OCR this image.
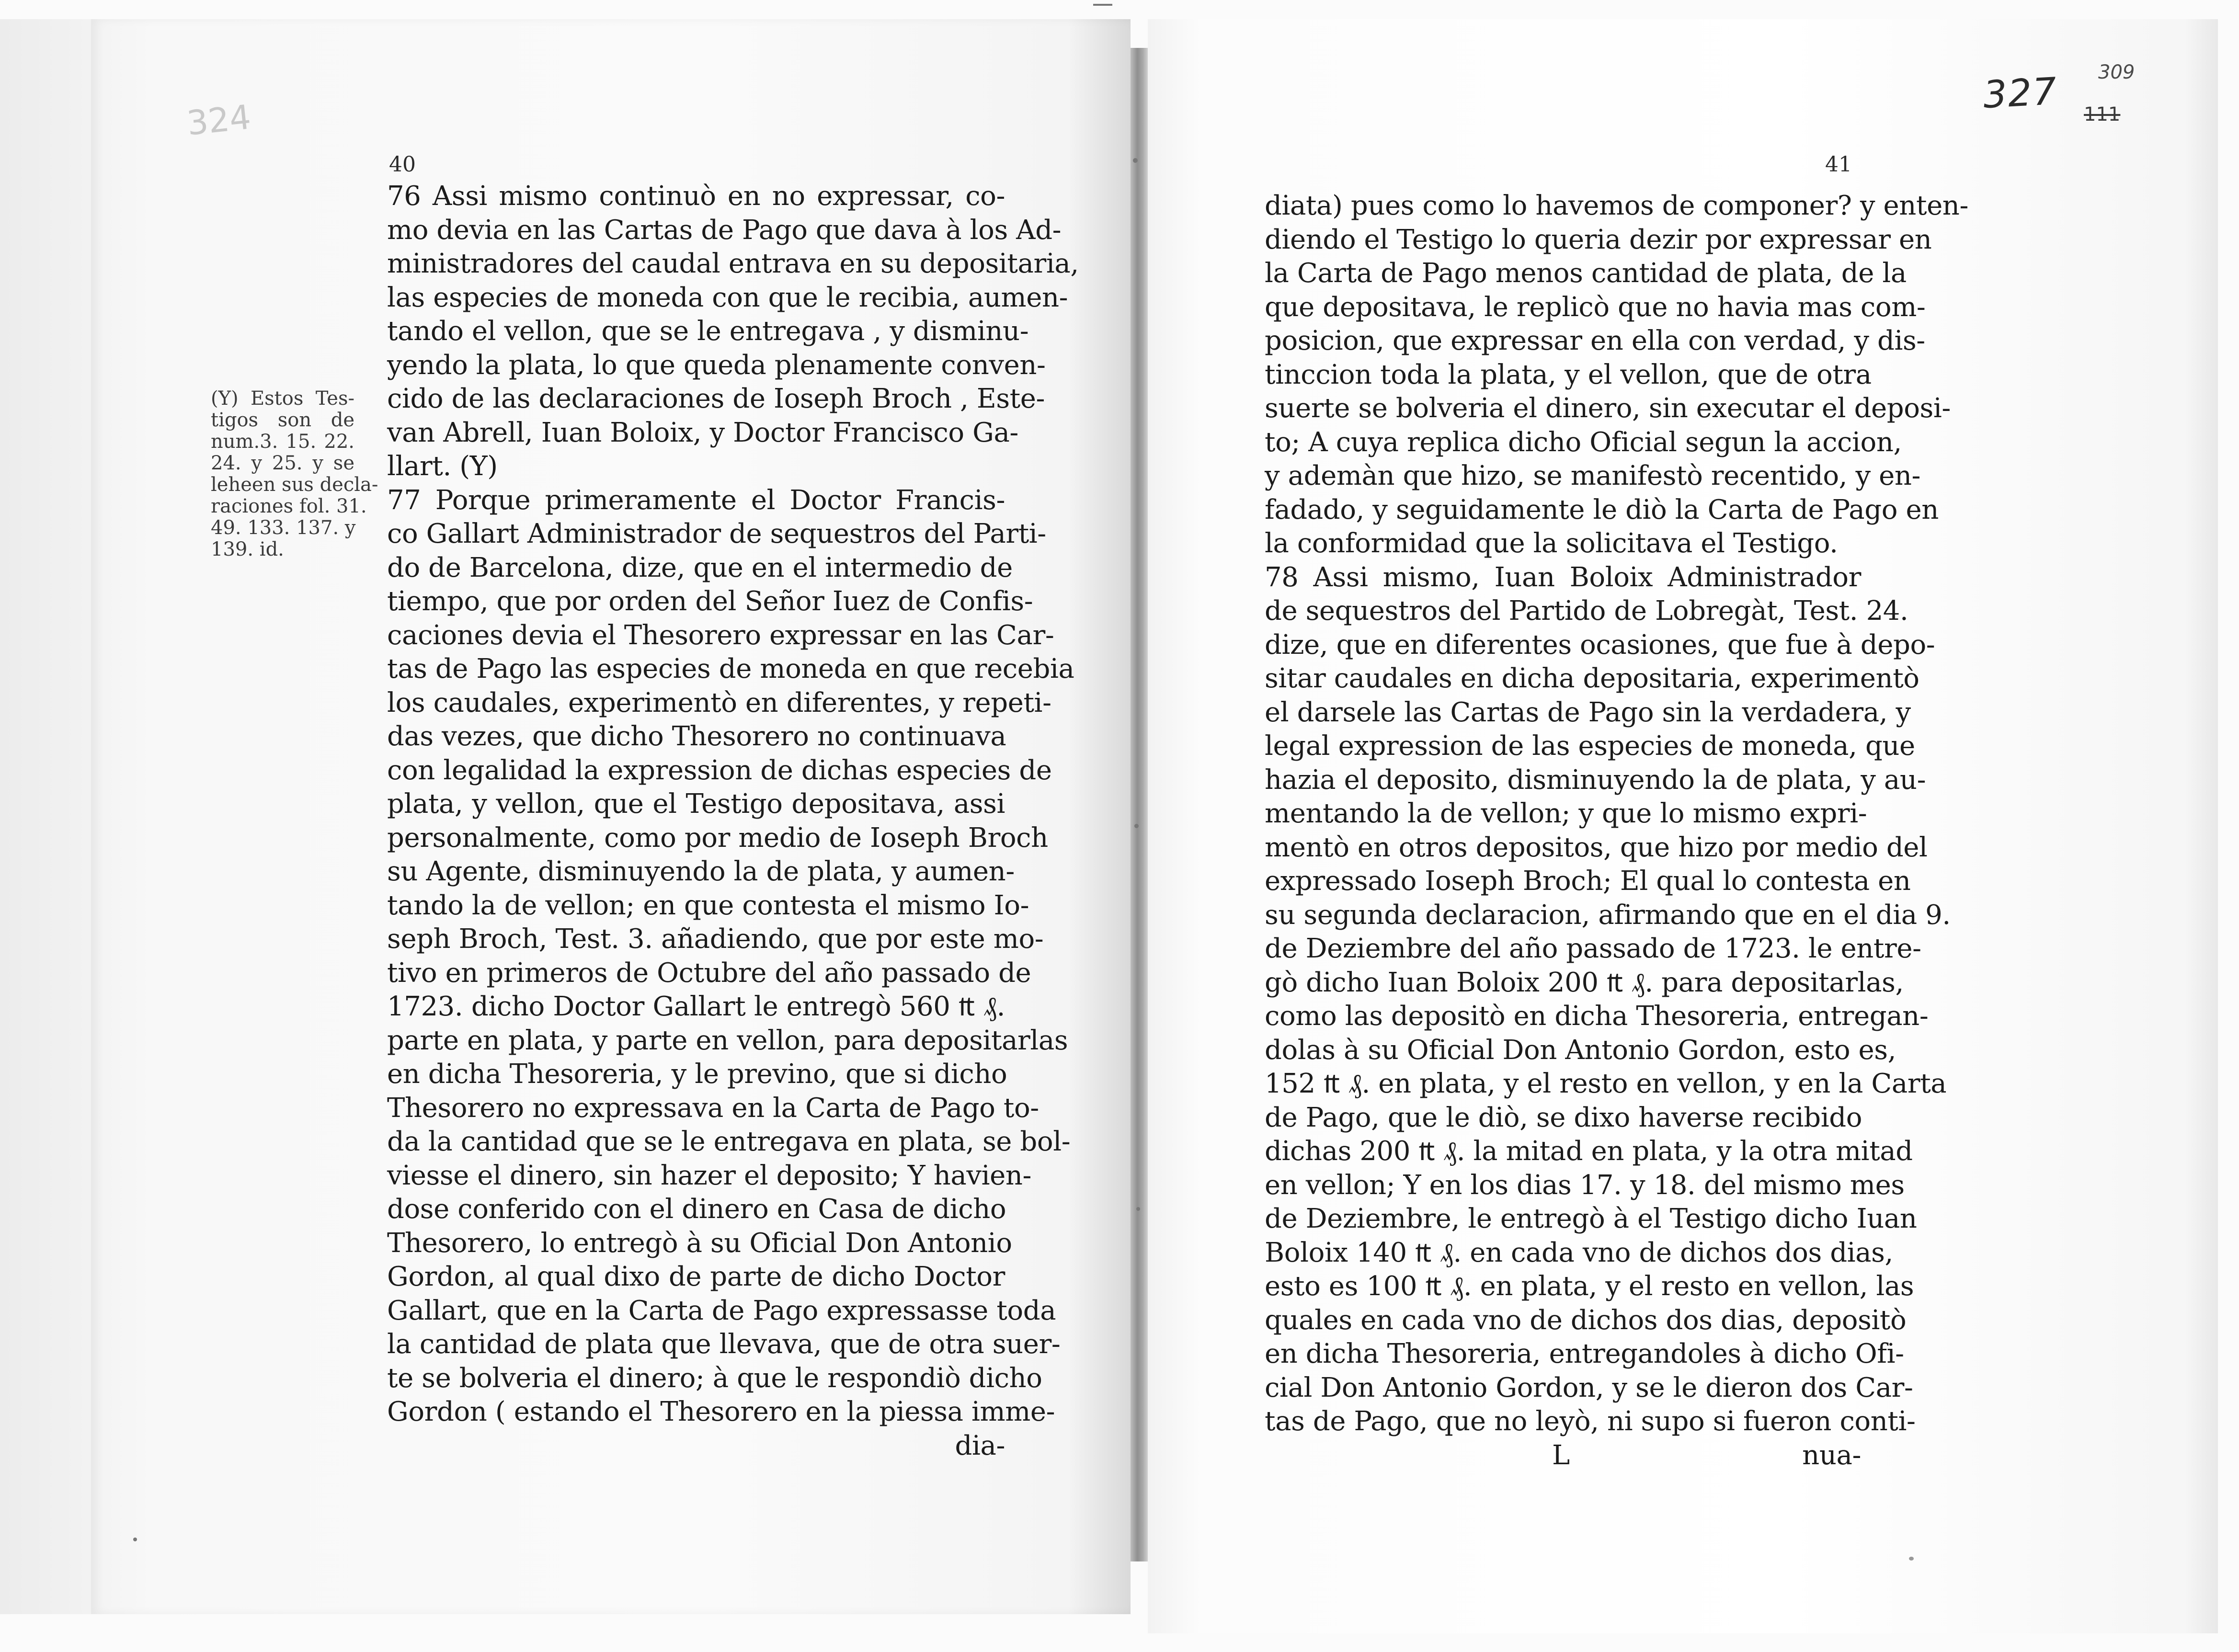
324
40	41
327 309
111
(Y) Estos Tes-
tigos son de
num.3. 15. 22.
24. y 25. y se
leheen sus decla-
raciones fol. 31.
49. 133. 137. y
139. id.
76 Assi mismo continuò en no expressar, co-
mo devia en las Cartas de Pago que dava à los Ad-
ministradores del caudal entrava en su depositaria,
las especies de moneda con que le recibia, aumen-
tando el vellon, que se le entregava , y disminu-
yendo la plata, lo que queda plenamente conven-
cido de las declaraciones de Ioseph Broch , Este-
van Abrell, Iuan Boloix, y Doctor Francisco Ga-
llart. (Y)
77 Porque primeramente el Doctor Francis-
co Gallart Administrador de sequestros del Parti-
do de Barcelona, dize, que en el intermedio de
tiempo, que por orden del Señor Iuez de Confis-
caciones devia el Thesorero expressar en las Car-
tas de Pago las especies de moneda en que recebia
los caudales, experimentò en diferentes, y repeti-
das vezes, que dicho Thesorero no continuava
con legalidad la expression de dichas especies de
plata, y vellon, que el Testigo depositava, assi
personalmente, como por medio de Ioseph Broch
su Agente, disminuyendo la de plata, y aumen-
tando la de vellon; en que contesta el mismo Io-
seph Broch, Test. 3. añadiendo, que por este mo-
tivo en primeros de Octubre del año passado de
1723. dicho Doctor Gallart le entregò 560 ₶ ₰.
parte en plata, y parte en vellon, para depositarlas
en dicha Thesoreria, y le previno, que si dicho
Thesorero no expressava en la Carta de Pago to-
da la cantidad que se le entregava en plata, se bol-
viesse el dinero, sin hazer el deposito; Y havien-
dose conferido con el dinero en Casa de dicho
Thesorero, lo entregò à su Oficial Don Antonio
Gordon, al qual dixo de parte de dicho Doctor
Gallart, que en la Carta de Pago expressasse toda
la cantidad de plata que llevava, que de otra suer-
te se bolveria el dinero; à que le respondiò dicho
Gordon ( estando el Thesorero en la piessa imme-
dia-
diata) pues como lo havemos de componer? y enten-
diendo el Testigo lo queria dezir por expressar en
la Carta de Pago menos cantidad de plata, de la
que depositava, le replicò que no havia mas com-
posicion, que expressar en ella con verdad, y dis-
tinccion toda la plata, y el vellon, que de otra
suerte se bolveria el dinero, sin executar el deposi-
to; A cuya replica dicho Oficial segun la accion,
y ademàn que hizo, se manifestò recentido, y en-
fadado, y seguidamente le diò la Carta de Pago en
la conformidad que la solicitava el Testigo.
78 Assi mismo, Iuan Boloix Administrador
de sequestros del Partido de Lobregàt, Test. 24.
dize, que en diferentes ocasiones, que fue à depo-
sitar caudales en dicha depositaria, experimentò
el darsele las Cartas de Pago sin la verdadera, y
legal expression de las especies de moneda, que
hazia el deposito, disminuyendo la de plata, y au-
mentando la de vellon; y que lo mismo expri-
mentò en otros depositos, que hizo por medio del
expressado Ioseph Broch; El qual lo contesta en
su segunda declaracion, afirmando que en el dia 9.
de Deziembre del año passado de 1723. le entre-
gò dicho Iuan Boloix 200 ₶ ₰. para depositarlas,
como las depositò en dicha Thesoreria, entregan-
dolas à su Oficial Don Antonio Gordon, esto es,
152 ₶ ₰. en plata, y el resto en vellon, y en la Carta
de Pago, que le diò, se dixo haverse recibido
dichas 200 ₶ ₰. la mitad en plata, y la otra mitad
en vellon; Y en los dias 17. y 18. del mismo mes
de Deziembre, le entregò à el Testigo dicho Iuan
Boloix 140 ₶ ₰. en cada vno de dichos dos dias,
esto es 100 ₶ ₰. en plata, y el resto en vellon, las
quales en cada vno de dichos dos dias, depositò
en dicha Thesoreria, entregandoles à dicho Ofi-
cial Don Antonio Gordon, y se le dieron dos Car-
tas de Pago, que no leyò, ni supo si fueron conti-
L	nua-
